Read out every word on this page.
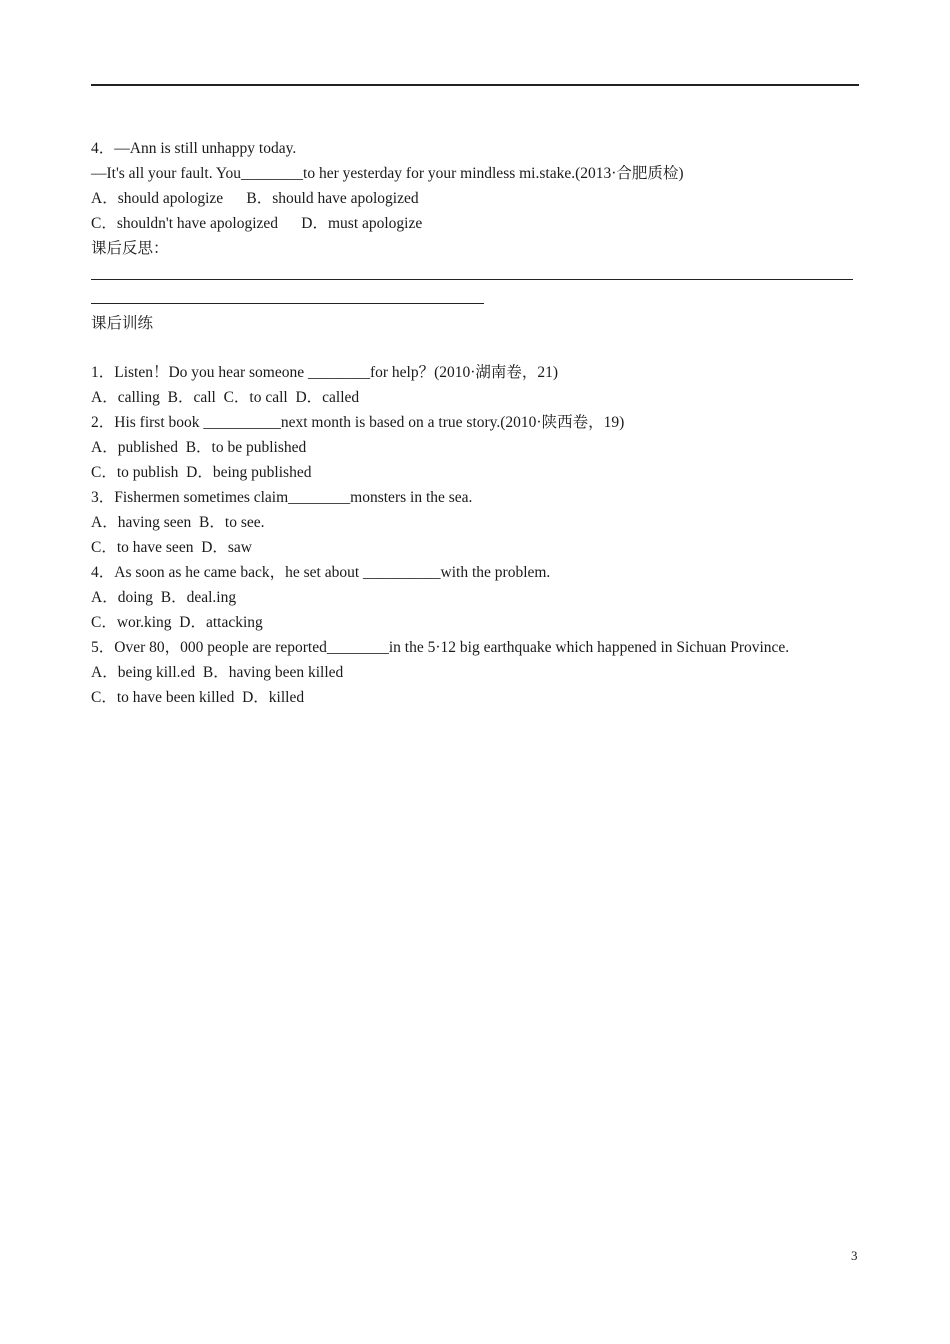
4．—Ann is still unhappy today.
—It's all your fault. You________to her yesterday for your mindless mi.stake.(2013·合肥质检)
A．should apologize      B．should have apologized
C．shouldn't have apologized      D．must apologize
课后反思：
课后训练
1．Listen！Do you hear someone ________for help？(2010·湖南卷，21)
A．calling  B．call  C．to call  D．called
2．His first book __________next month is based on a true story.(2010·陕西卷，19)
A．published  B．to be published
C．to publish  D．being published
3．Fishermen sometimes claim________monsters in the sea.
A．having seen  B．to see.
C．to have seen  D．saw
4．As soon as he came back，he set about __________with the problem.
A．doing  B．deal.ing
C．wor.king  D．attacking
5．Over 80，000 people are reported________in the 5·12 big earthquake which happened in Sichuan Province.
A．being kill.ed  B．having been killed
C．to have been killed  D．killed
3
